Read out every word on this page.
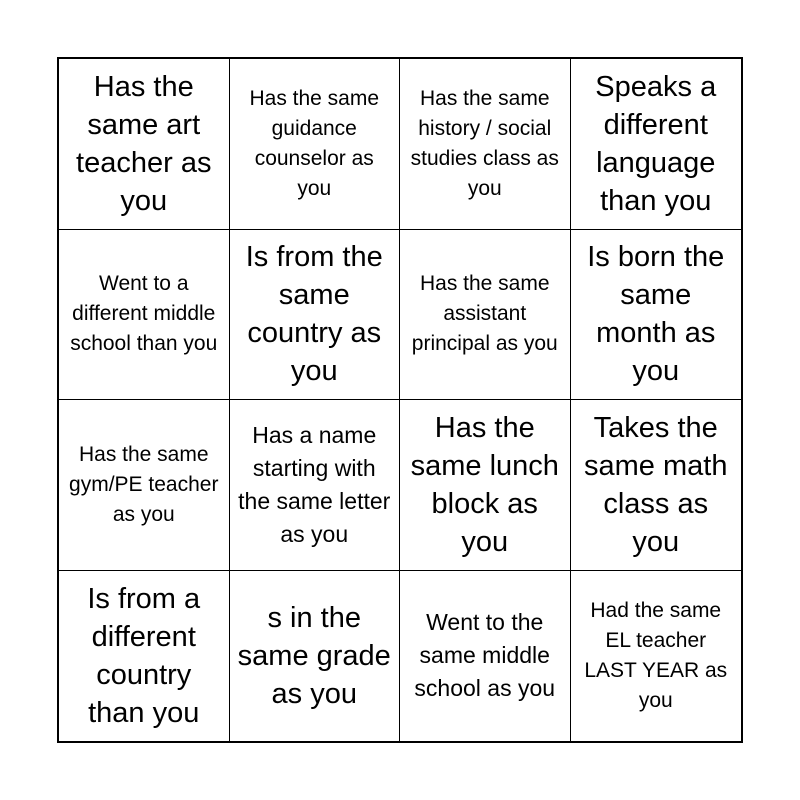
Has the same art teacher as you
Has the same guidance counselor as you
Has the same history / social studies class as you
Speaks a different language than you
Went to a different middle school than you
Is from the same country as you
Has the same assistant principal as you
Is born the same month as you
Has the same gym/PE teacher as you
Has a name starting with the same letter as you
Has the same lunch block as you
Takes the same math class as you
Is from a different country than you
s in the same grade as you
Went to the same middle school as you
Had the same EL teacher LAST YEAR as you
